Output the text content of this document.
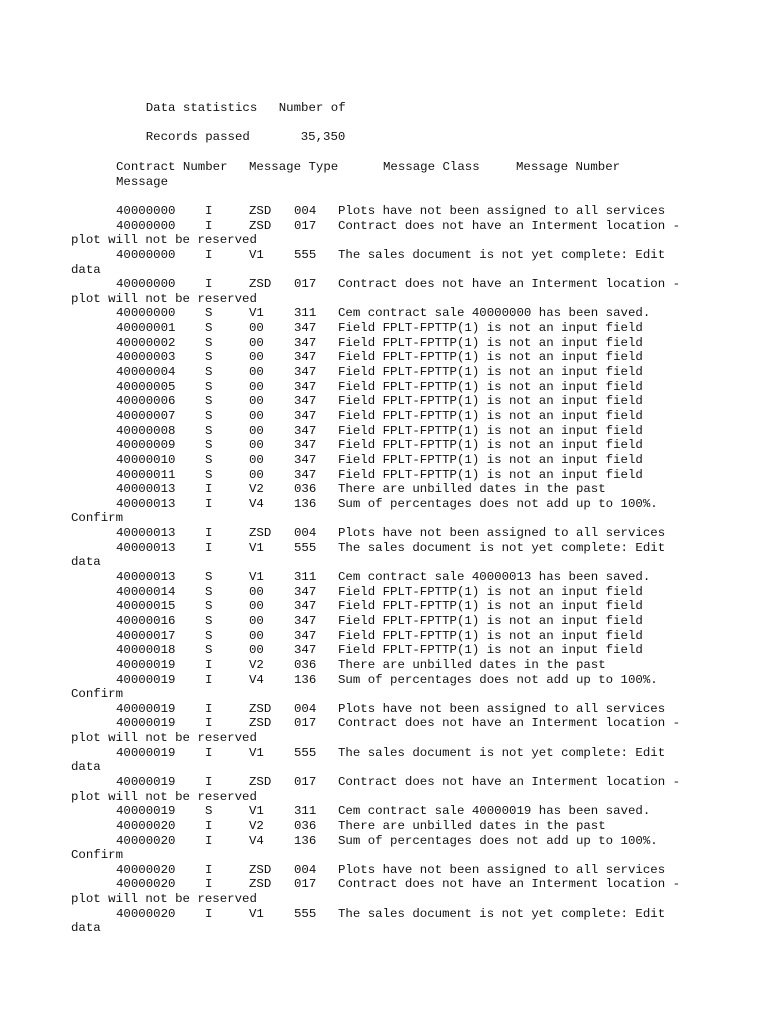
Data statistics
	Number of

Records passed
	35,350

Contract Number Message Type	Message Class	Message Number
Message
40000000 I	ZSD 004 Plots have not been assigned to all services
40000000 I	ZSD 017 Contract does not have an Interment location -
plot will not be reserved
40000000 I	V1 555 The sales document is not yet complete: Edit
data
40000000 I	ZSD 017 Contract does not have an Interment location -
plot will not be reserved
40000000 S	V1 311 Cem contract sale 40000000 has been saved.
40000001 S	00 347 Field FPLT-FPTTP(1) is not an input field
40000002 S	00 347 Field FPLT-FPTTP(1) is not an input field
40000003 S	00 347 Field FPLT-FPTTP(1) is not an input field
40000004 S	00 347 Field FPLT-FPTTP(1) is not an input field
40000005 S	00 347 Field FPLT-FPTTP(1) is not an input field
40000006 S	00 347 Field FPLT-FPTTP(1) is not an input field
40000007 S	00 347 Field FPLT-FPTTP(1) is not an input field
40000008 S	00 347 Field FPLT-FPTTP(1) is not an input field
40000009 S	00 347 Field FPLT-FPTTP(1) is not an input field
40000010 S	00 347 Field FPLT-FPTTP(1) is not an input field
40000011 S	00 347 Field FPLT-FPTTP(1) is not an input field
40000013 I	V2 036 There are unbilled dates in the past
40000013 I	V4 136 Sum of percentages does not add up to 100%.
Confirm
40000013 I	ZSD 004 Plots have not been assigned to all services
40000013 I	V1 555 The sales document is not yet complete: Edit
data
40000013 S	V1 311 Cem contract sale 40000013 has been saved.
40000014 S	00 347 Field FPLT-FPTTP(1) is not an input field
40000015 S	00 347 Field FPLT-FPTTP(1) is not an input field
40000016 S	00 347 Field FPLT-FPTTP(1) is not an input field
40000017 S	00 347 Field FPLT-FPTTP(1) is not an input field
40000018 S	00 347 Field FPLT-FPTTP(1) is not an input field
40000019 I	V2 036 There are unbilled dates in the past
40000019 I	V4 136 Sum of percentages does not add up to 100%.
Confirm
40000019 I	ZSD 004 Plots have not been assigned to all services
40000019 I	ZSD 017 Contract does not have an Interment location -
plot will not be reserved
40000019 I	V1 555 The sales document is not yet complete: Edit
data
40000019 I	ZSD 017 Contract does not have an Interment location -
plot will not be reserved
40000019 S	V1 311 Cem contract sale 40000019 has been saved.
40000020 I	V2 036 There are unbilled dates in the past
40000020 I	V4 136 Sum of percentages does not add up to 100%.
Confirm
40000020 I	ZSD 004 Plots have not been assigned to all services
40000020 I	ZSD 017 Contract does not have an Interment location -
plot will not be reserved
40000020 I	V1 555 The sales document is not yet complete: Edit
data
